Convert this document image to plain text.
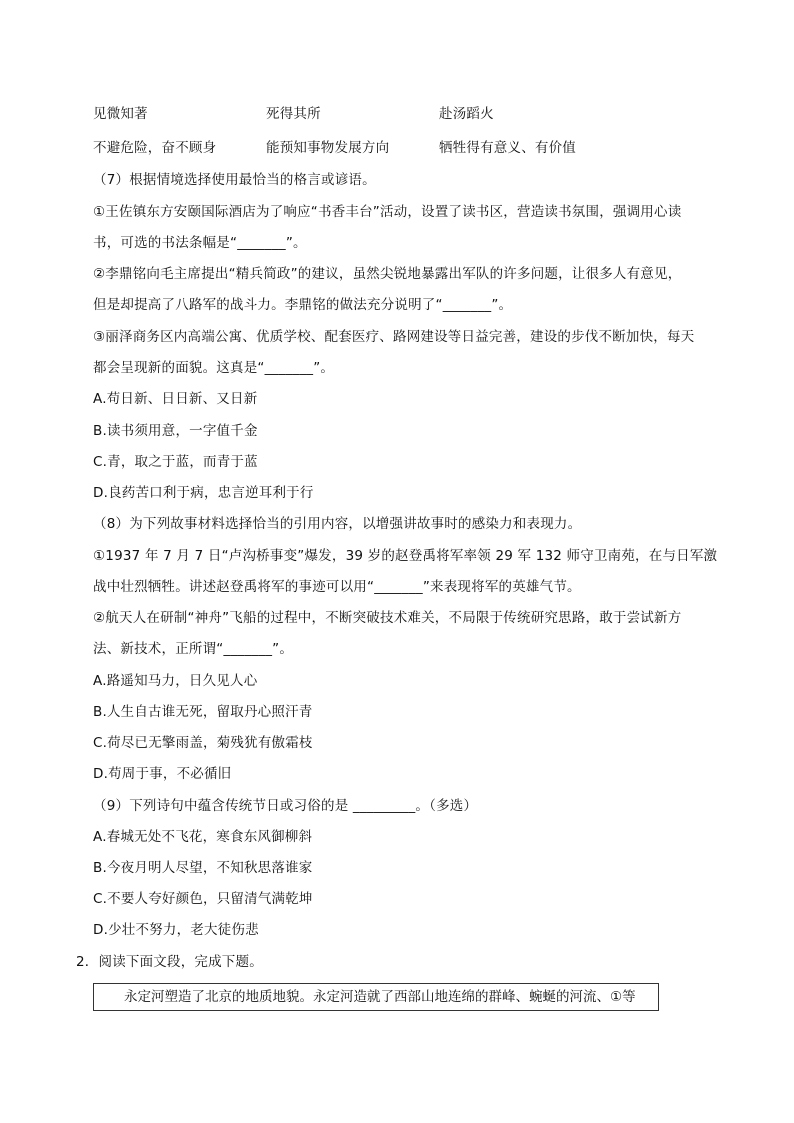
见微知著	死得其所	赴汤蹈火
不避危险，奋不顾身	能预知事物发展方向	牺牲得有意义、有价值
（7）根据情境选择使用最恰当的格言或谚语。
①王佐镇东方安颐国际酒店为了响应“书香丰台”活动，设置了读书区，营造读书氛围，强调用心读
书，可选的书法条幅是“_______”。
②李鼎铭向毛主席提出“精兵简政”的建议，虽然尖锐地暴露出军队的许多问题，让很多人有意见，
但是却提高了八路军的战斗力。李鼎铭的做法充分说明了“_______”。
③丽泽商务区内高端公寓、优质学校、配套医疗、路网建设等日益完善，建设的步伐不断加快，每天
都会呈现新的面貌。这真是“_______”。
A.苟日新、日日新、又日新
B.读书须用意，一字值千金
C.青，取之于蓝，而青于蓝
D.良药苦口利于病，忠言逆耳利于行
（8）为下列故事材料选择恰当的引用内容，以增强讲故事时的感染力和表现力。
①1937 年 7 月 7 日“卢沟桥事变”爆发，39 岁的赵登禹将军率领 29 军 132 师守卫南苑，在与日军激
战中壮烈牺牲。讲述赵登禹将军的事迹可以用“_______”来表现将军的英雄气节。
②航天人在研制“神舟”飞船的过程中，不断突破技术难关，不局限于传统研究思路，敢于尝试新方
法、新技术，正所谓“_______”。
A.路遥知马力，日久见人心
B.人生自古谁无死，留取丹心照汗青
C.荷尽已无擎雨盖，菊残犹有傲霜枝
D.苟周于事，不必循旧
（9）下列诗句中蕴含传统节日或习俗的是 _________。（多选）
A.春城无处不飞花，寒食东风御柳斜
B.今夜月明人尽望，不知秋思落谁家
C.不要人夸好颜色，只留清气满乾坤
D.少壮不努力，老大徒伤悲
2．阅读下面文段，完成下题。
永定河塑造了北京的地质地貌。永定河造就了西部山地连绵的群峰、蜿蜒的河流、①等
